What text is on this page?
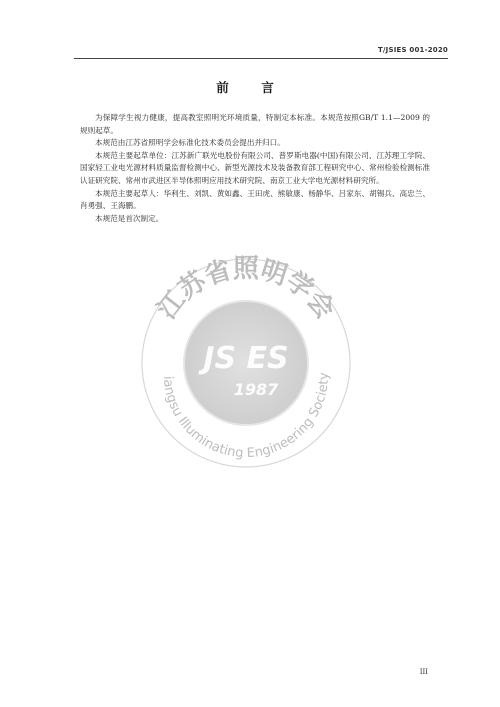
T/JSIES 001-2020
前　言

为保障学生视力健康，提高教室照明光环境质量，特制定本标准。本规范按照GB/T 1.1—2009 的规则起草。

本规范由江苏省照明学会标准化技术委员会提出并归口。

本规范主要起草单位：江苏新广联光电股份有限公司、普罗斯电器(中国)有限公司、江苏理工学院、国家轻工业电光源材料质量监督检测中心、新型光源技术及装备教育部工程研究中心、常州检验检测标准认证研究院、常州市武进区半导体照明应用技术研究院、南京工业大学电光源材料研究所。

本规范主要起草人：华利生、刘凯、黄如鑫、王田虎、熊敏康、杨静华、吕家东、胡锡兵、高忠兰、肖勇强、王海鹏。

本规范是首次制定。

江苏省照明学会
iangsu Illuminating Engineering Society
JS ES
1987
III
